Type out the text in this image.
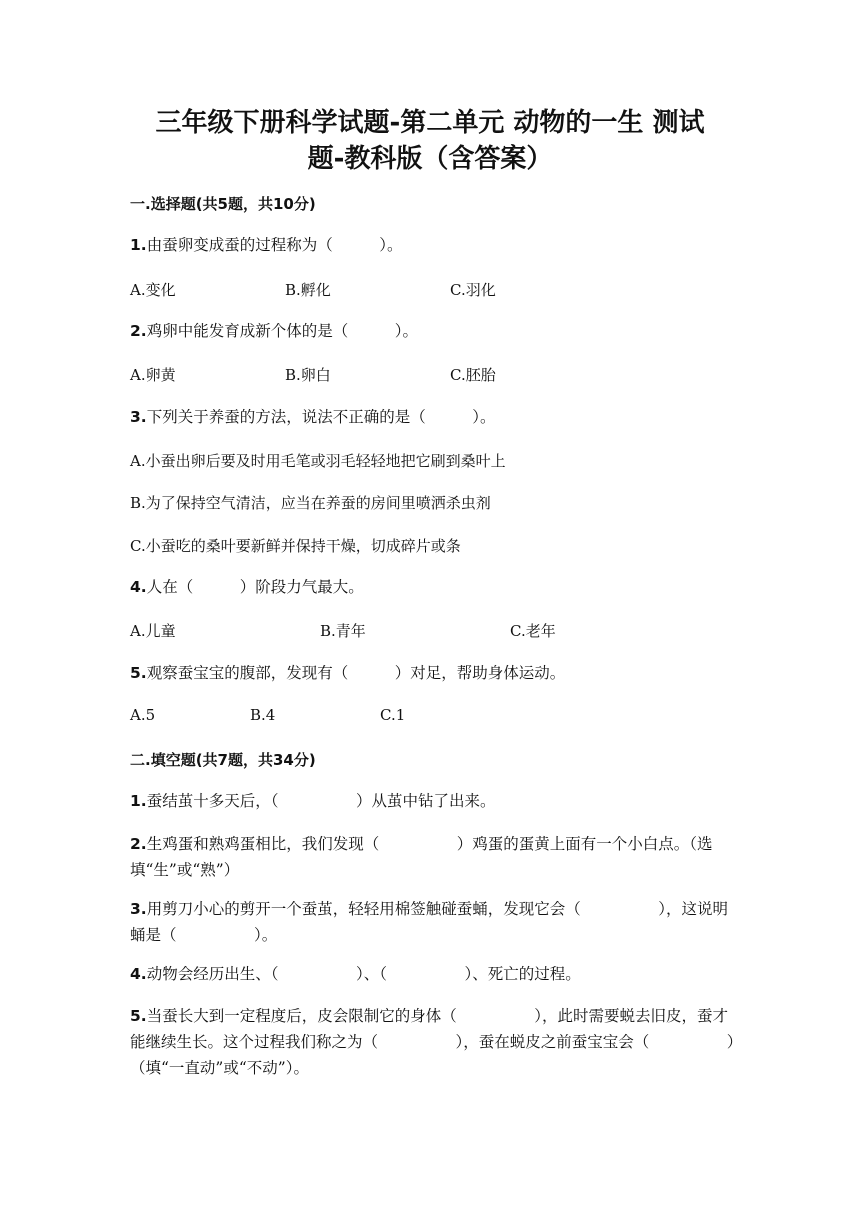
三年级下册科学试题-第二单元 动物的一生 测试
题-教科版（含答案）
一.选择题(共5题，共10分)
1.由蚕卵变成蚕的过程称为（　　　）。
A.变化	B.孵化	C.羽化
2.鸡卵中能发育成新个体的是（　　　）。
A.卵黄	B.卵白	C.胚胎
3.下列关于养蚕的方法，说法不正确的是（　　　）。
A.小蚕出卵后要及时用毛笔或羽毛轻轻地把它刷到桑叶上
B.为了保持空气清洁，应当在养蚕的房间里喷洒杀虫剂
C.小蚕吃的桑叶要新鲜并保持干燥，切成碎片或条
4.人在（　　　）阶段力气最大。
A.儿童	B.青年	C.老年
5.观察蚕宝宝的腹部，发现有（　　　）对足，帮助身体运动。
A.5	B.4	C.1
二.填空题(共7题，共34分)
1.蚕结茧十多天后，（　　　　　）从茧中钻了出来。
2.生鸡蛋和熟鸡蛋相比，我们发现（　　　　　）鸡蛋的蛋黄上面有一个小白点。（选填“生”或“熟”）
3.用剪刀小心的剪开一个蚕茧，轻轻用棉签触碰蚕蛹，发现它会（　　　　　），这说明蛹是（　　　　　）。
4.动物会经历出生、（　　　　　）、（　　　　　）、死亡的过程。
5.当蚕长大到一定程度后，皮会限制它的身体（　　　　　），此时需要蜕去旧皮，蚕才能继续生长。这个过程我们称之为（　　　　　），蚕在蜕皮之前蚕宝宝会（　　　　　）（填“一直动”或“不动”）。
